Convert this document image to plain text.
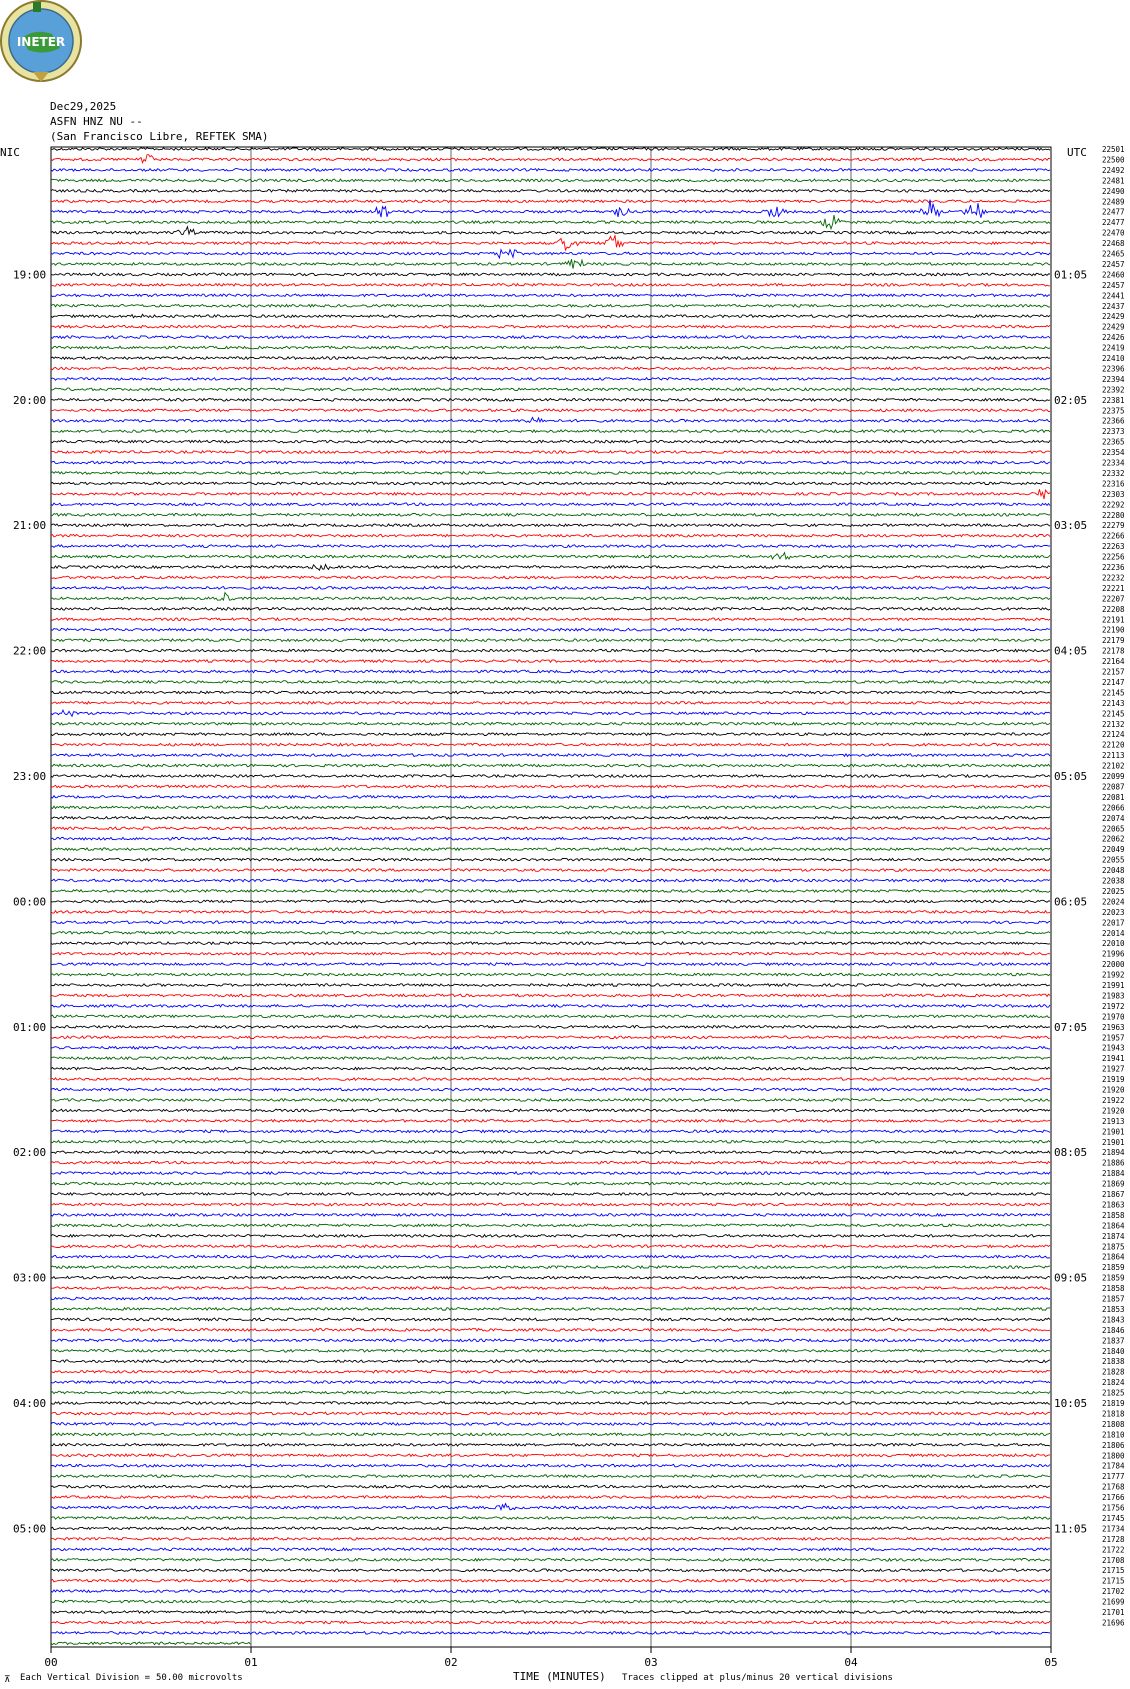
INETER
Dec29,2025
ASFN HNZ NU --
(San Francisco Libre, REFTEK SMA)
NIC	UTC
00	01	02	03	04	05
22501
22500
22492
22481
22490
22489
22477
22477
22470
22468
22465
22457
22460
22457
22441
22437
22429
22429
22426
22419
22410
22396
22394
22392
22381
22375
22366
22373
22365
22354
22334
22332
22316
22303
22292
22280
22279
22266
22263
22256
22236
22232
22221
22207
22208
22191
22190
22179
22178
22164
22157
22147
22145
22143
22145
22132
22124
22120
22113
22102
22099
22087
22081
22066
22074
22065
22062
22049
22055
22048
22038
22025
22024
22023
22017
22014
22010
21996
22000
21992
21991
21983
21972
21970
21963
21957
21943
21941
21927
21919
21920
21922
21920
21913
21901
21901
21894
21886
21884
21869
21867
21863
21858
21864
21874
21875
21864
21859
21859
21858
21857
21853
21843
21846
21837
21840
21838
21828
21824
21825
21819
21818
21808
21810
21806
21800
21784
21777
21768
21766
21756
21745
21734
21728
21722
21708
21715
21715
21702
21699
21701
21696
19:00	01:05
20:00	02:05
21:00	03:05
22:00	04:05
23:00	05:05
00:00	06:05
01:00	07:05
02:00	08:05
03:00	09:05
04:00	10:05
05:00	11:05
⊼ Each Vertical Division = 50.00 microvolts	TIME (MINUTES) Traces clipped at plus/minus 20 vertical divisions
